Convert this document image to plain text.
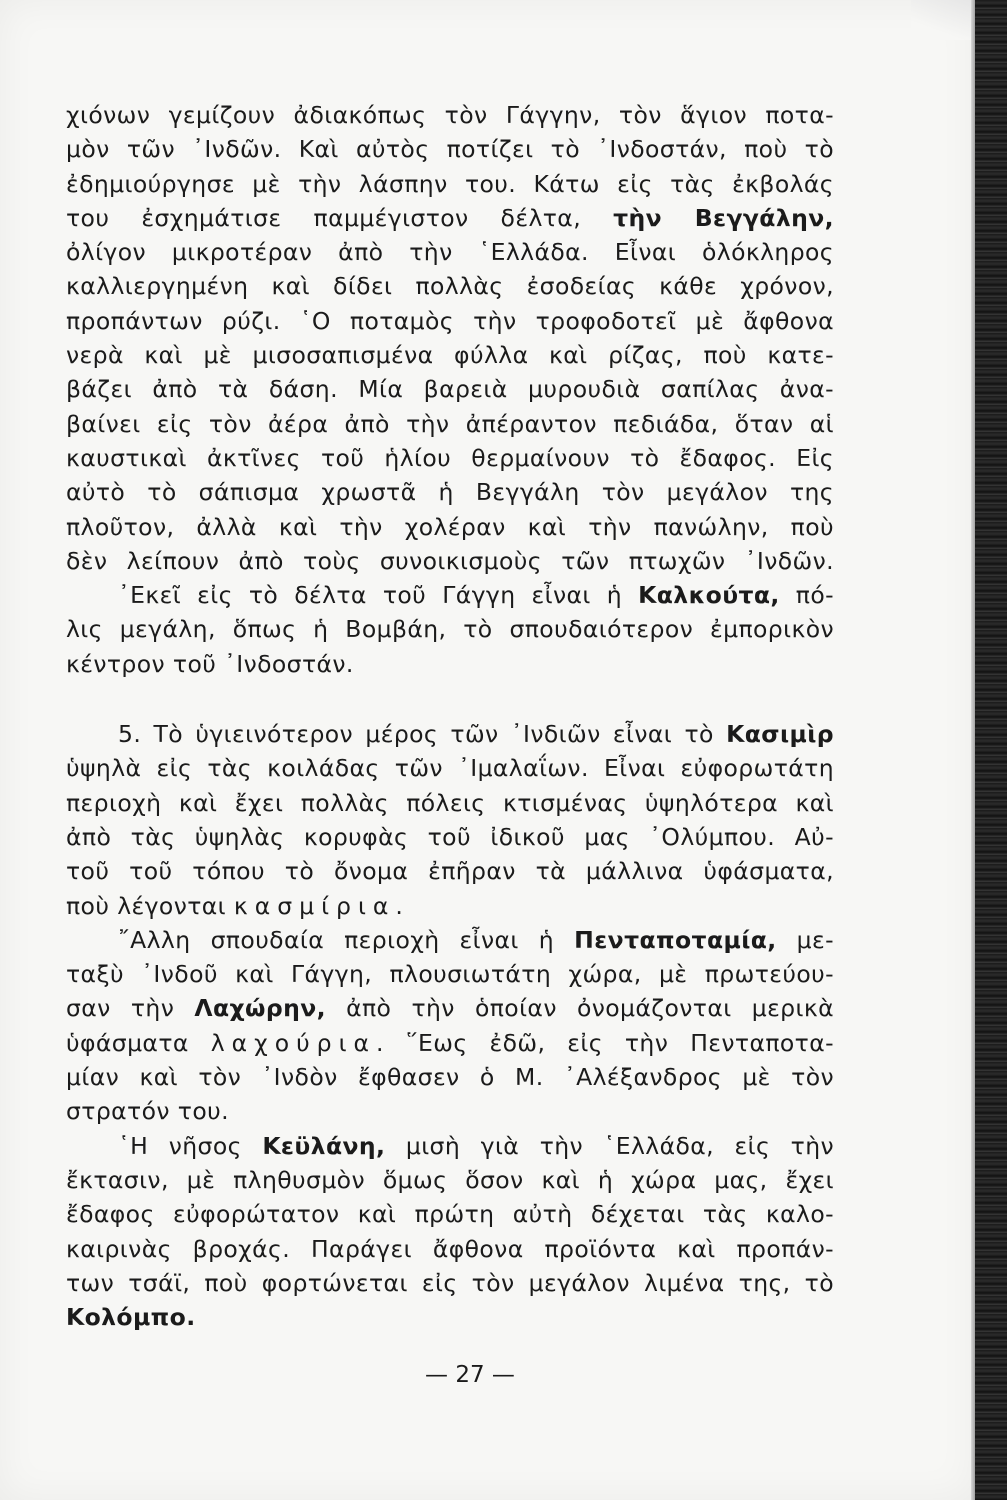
χιόνων γεμίζουν ἀδιακόπως τὸν Γάγγην, τὸν ἅγιον ποτα-
μὸν τῶν ᾿Ινδῶν. Καὶ αὐτὸς ποτίζει τὸ ᾿Ινδοστάν, ποὺ τὸ
ἐδημιούργησε μὲ τὴν λάσπην του. Κάτω εἰς τὰς ἐκβολάς
του ἐσχημάτισε παμμέγιστον δέλτα, τὴν Βεγγάλην,
ὀλίγον μικροτέραν ἀπὸ τὴν ῾Ελλάδα. Εἶναι ὁλόκληρος
καλλιεργημένη καὶ δίδει πολλὰς ἐσοδείας κάθε χρόνον,
προπάντων ρύζι. ῾Ο ποταμὸς τὴν τροφοδοτεῖ μὲ ἄφθονα
νερὰ καὶ μὲ μισοσαπισμένα φύλλα καὶ ρίζας, ποὺ κατε-
βάζει ἀπὸ τὰ δάση. Μία βαρειὰ μυρουδιὰ σαπίλας ἀνα-
βαίνει εἰς τὸν ἀέρα ἀπὸ τὴν ἀπέραντον πεδιάδα, ὅταν αἱ
καυστικαὶ ἀκτῖνες τοῦ ἡλίου θερμαίνουν τὸ ἔδαφος. Εἰς
αὐτὸ τὸ σάπισμα χρωστᾶ ἡ Βεγγάλη τὸν μεγάλον της
πλοῦτον, ἀλλὰ καὶ τὴν χολέραν καὶ τὴν πανώλην, ποὺ
δὲν λείπουν ἀπὸ τοὺς συνοικισμοὺς τῶν πτωχῶν ᾿Ινδῶν.
᾿Εκεῖ εἰς τὸ δέλτα τοῦ Γάγγη εἶναι ἡ Καλκούτα, πό-
λις μεγάλη, ὅπως ἡ Βομβάη, τὸ σπουδαιότερον ἐμπορικὸν
κέντρον τοῦ ᾿Ινδοστάν.
5. Τὸ ὑγιεινότερον μέρος τῶν ᾿Ινδιῶν εἶναι τὸ Κασιμὶρ
ὑψηλὰ εἰς τὰς κοιλάδας τῶν ᾿Ιμαλαΐων. Εἶναι εὐφορωτάτη
περιοχὴ καὶ ἔχει πολλὰς πόλεις κτισμένας ὑψηλότερα καὶ
ἀπὸ τὰς ὑψηλὰς κορυφὰς τοῦ ἰδικοῦ μας ᾿Ολύμπου. Αὐ-
τοῦ τοῦ τόπου τὸ ὄνομα ἐπῆραν τὰ μάλλινα ὑφάσματα,
ποὺ λέγονται κασμίρια.
῎Αλλη σπουδαία περιοχὴ εἶναι ἡ Πενταποταμία, με-
ταξὺ ᾿Ινδοῦ καὶ Γάγγη, πλουσιωτάτη χώρα, μὲ πρωτεύου-
σαν τὴν Λαχώρην, ἀπὸ τὴν ὁποίαν ὀνομάζονται μερικὰ
ὑφάσματα λαχούρια. ῞Εως ἐδῶ, εἰς τὴν Πενταποτα-
μίαν καὶ τὸν ᾿Ινδὸν ἔφθασεν ὁ Μ. ᾿Αλέξανδρος μὲ τὸν
στρατόν του.
῾Η νῆσος Κεϋλάνη, μισὴ γιὰ τὴν ῾Ελλάδα, εἰς τὴν
ἔκτασιν, μὲ πληθυσμὸν ὅμως ὅσον καὶ ἡ χώρα μας, ἔχει
ἔδαφος εὐφορώτατον καὶ πρώτη αὐτὴ δέχεται τὰς καλο-
καιρινὰς βροχάς. Παράγει ἄφθονα προϊόντα καὶ προπάν-
των τσάϊ, ποὺ φορτώνεται εἰς τὸν μεγάλον λιμένα της, τὸ
Κολόμπο.
— 27 —
